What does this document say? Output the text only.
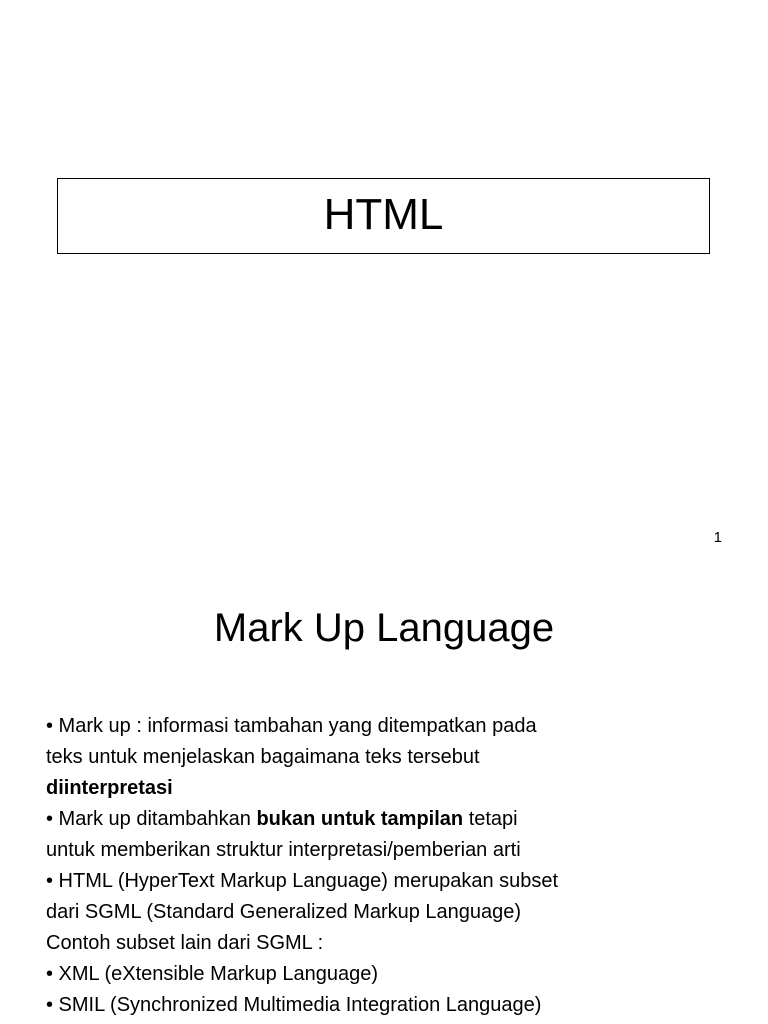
HTML
1
Mark Up Language
• Mark up : informasi tambahan yang ditempatkan pada
teks untuk menjelaskan bagaimana teks tersebut
diinterpretasi
• Mark up ditambahkan bukan untuk tampilan tetapi
untuk memberikan struktur interpretasi/pemberian arti
• HTML (HyperText Markup Language) merupakan subset
dari SGML (Standard Generalized Markup Language)
Contoh subset lain dari SGML :
• XML (eXtensible Markup Language)
• SMIL (Synchronized Multimedia Integration Language)
